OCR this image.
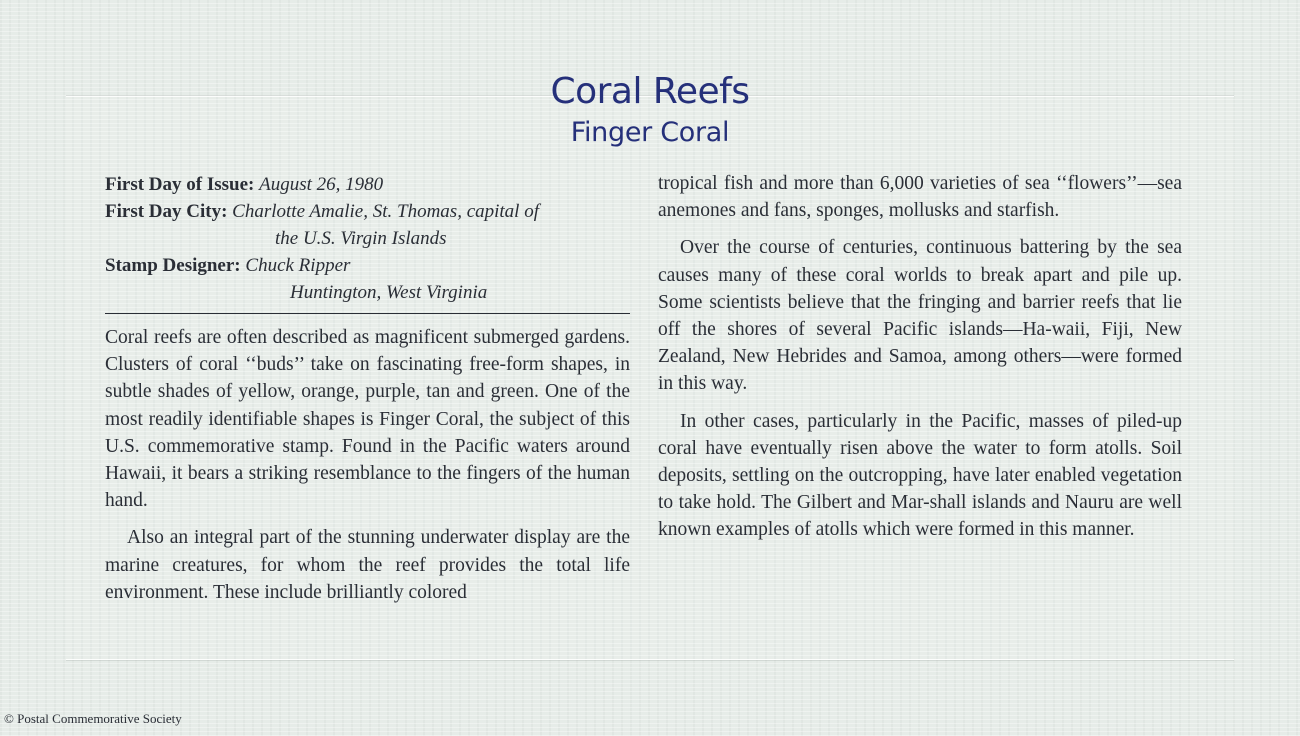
Coral Reefs
Finger Coral
First Day of Issue: August 26, 1980
First Day City: Charlotte Amalie, St. Thomas, capital of
the U.S. Virgin Islands
Stamp Designer: Chuck Ripper
Huntington, West Virginia

Coral reefs are often described as magnificent submerged gardens. Clusters of coral ‘‘buds’’ take on fascinating free-form shapes, in subtle shades of yellow, orange, purple, tan and green. One of the most readily identifiable shapes is Finger Coral, the subject of this U.S. commemorative stamp. Found in the Pacific waters around Hawaii, it bears a striking resemblance to the fingers of the human hand.

Also an integral part of the stunning underwater display are the marine creatures, for whom the reef provides the total life environment. These include brilliantly colored

tropical fish and more than 6,000 varieties of sea ‘‘flowers’’—sea anemones and fans, sponges, mollusks and starfish.

Over the course of centuries, continuous battering by the sea causes many of these coral worlds to break apart and pile up. Some scientists believe that the fringing and barrier reefs that lie off the shores of several Pacific islands—Ha-waii, Fiji, New Zealand, New Hebrides and Samoa, among others—were formed in this way.

In other cases, particularly in the Pacific, masses of piled-up coral have eventually risen above the water to form atolls. Soil deposits, settling on the outcropping, have later enabled vegetation to take hold. The Gilbert and Mar-shall islands and Nauru are well known examples of atolls which were formed in this manner.

© Postal Commemorative Society
